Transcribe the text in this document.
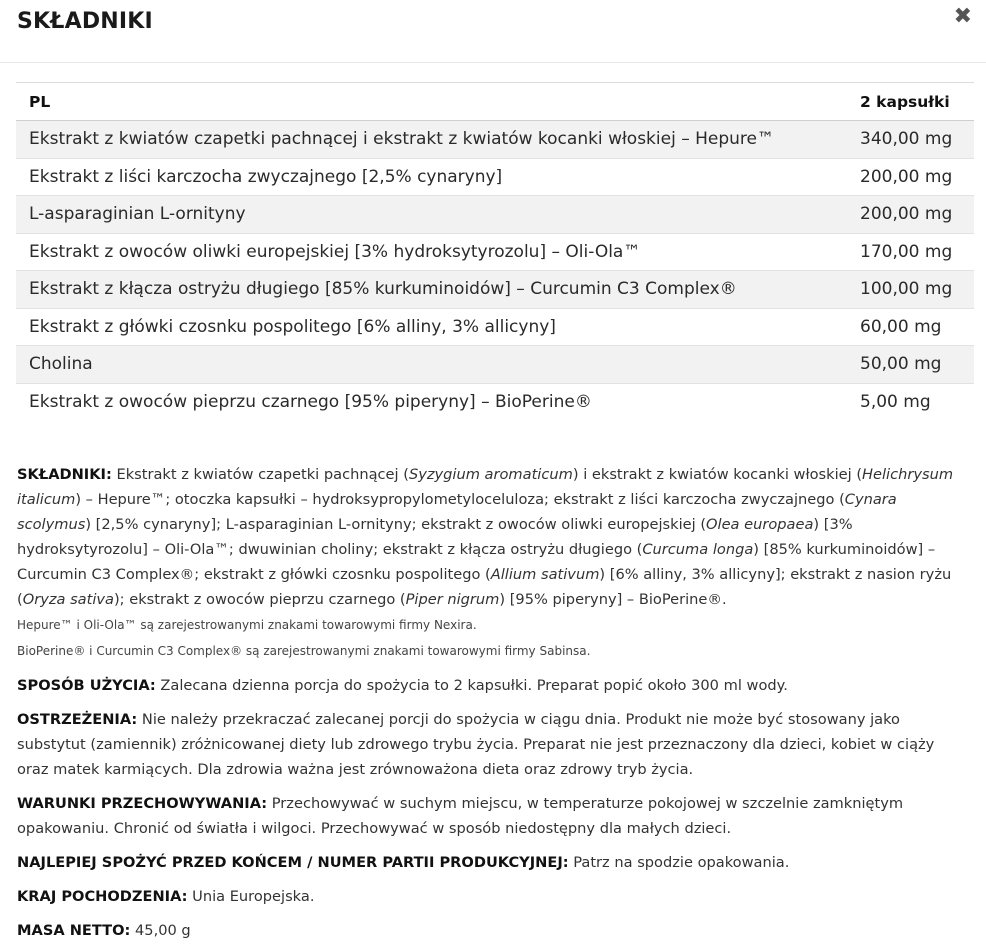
SKŁADNIKI	✖
PL	2 kapsułki
Ekstrakt z kwiatów czapetki pachnącej i ekstrakt z kwiatów kocanki włoskiej – Hepure™	340,00 mg
Ekstrakt z liści karczocha zwyczajnego [2,5% cynaryny]	200,00 mg
L-asparaginian L-ornityny	200,00 mg
Ekstrakt z owoców oliwki europejskiej [3% hydroksytyrozolu] – Oli-Ola™	170,00 mg
Ekstrakt z kłącza ostryżu długiego [85% kurkuminoidów] – Curcumin C3 Complex®	100,00 mg
Ekstrakt z główki czosnku pospolitego [6% alliny, 3% allicyny]	60,00 mg
Cholina	50,00 mg
Ekstrakt z owoców pieprzu czarnego [95% piperyny] – BioPerine®	5,00 mg

SKŁADNIKI: Ekstrakt z kwiatów czapetki pachnącej (Syzygium aromaticum) i ekstrakt z kwiatów kocanki włoskiej (Helichrysum italicum) – Hepure™; otoczka kapsułki – hydroksypropylometyloceluloza; ekstrakt z liści karczocha zwyczajnego (Cynara scolymus) [2,5% cynaryny]; L-asparaginian L-ornityny; ekstrakt z owoców oliwki europejskiej (Olea europaea) [3% hydroksytyrozolu] – Oli-Ola™; dwuwinian choliny; ekstrakt z kłącza ostryżu długiego (Curcuma longa) [85% kurkuminoidów] – Curcumin C3 Complex®; ekstrakt z główki czosnku pospolitego (Allium sativum) [6% alliny, 3% allicyny]; ekstrakt z nasion ryżu (Oryza sativa); ekstrakt z owoców pieprzu czarnego (Piper nigrum) [95% piperyny] – BioPerine®.

Hepure™ i Oli-Ola™ są zarejestrowanymi znakami towarowymi firmy Nexira.

BioPerine® i Curcumin C3 Complex® są zarejestrowanymi znakami towarowymi firmy Sabinsa.

SPOSÓB UŻYCIA: Zalecana dzienna porcja do spożycia to 2 kapsułki. Preparat popić około 300 ml wody.

OSTRZEŻENIA: Nie należy przekraczać zalecanej porcji do spożycia w ciągu dnia. Produkt nie może być stosowany jako substytut (zamiennik) zróżnicowanej diety lub zdrowego trybu życia. Preparat nie jest przeznaczony dla dzieci, kobiet w ciąży oraz matek karmiących. Dla zdrowia ważna jest zrównoważona dieta oraz zdrowy tryb życia.

WARUNKI PRZECHOWYWANIA: Przechowywać w suchym miejscu, w temperaturze pokojowej w szczelnie zamkniętym opakowaniu. Chronić od światła i wilgoci. Przechowywać w sposób niedostępny dla małych dzieci.

NAJLEPIEJ SPOŻYĆ PRZED KOŃCEM / NUMER PARTII PRODUKCYJNEJ: Patrz na spodzie opakowania.

KRAJ POCHODZENIA: Unia Europejska.

MASA NETTO: 45,00 g
